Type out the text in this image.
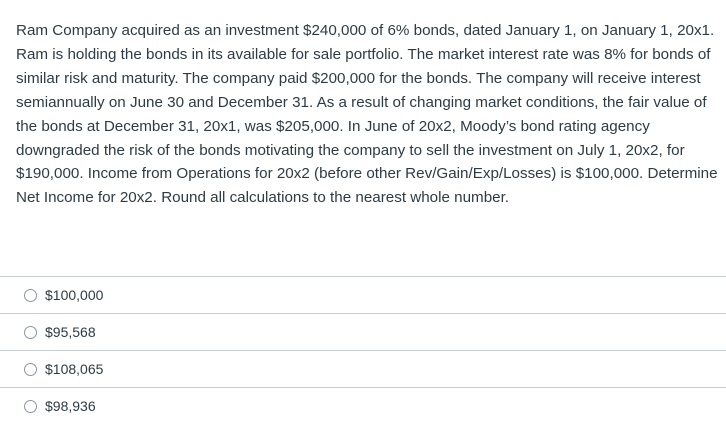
Ram Company acquired as an investment $240,000 of 6% bonds, dated January 1, on January 1, 20x1. Ram is holding the bonds in its available for sale portfolio. The market interest rate was 8% for bonds of similar risk and maturity. The company paid $200,000 for the bonds. The company will receive interest semiannually on June 30 and December 31. As a result of changing market conditions, the fair value of the bonds at December 31, 20x1, was $205,000. In June of 20x2, Moody’s bond rating agency downgraded the risk of the bonds motivating the company to sell the investment on July 1, 20x2, for $190,000. Income from Operations for 20x2 (before other Rev/Gain/Exp/Losses) is $100,000. Determine Net Income for 20x2. Round all calculations to the nearest whole number.

$100,000
$95,568
$108,065
$98,936
